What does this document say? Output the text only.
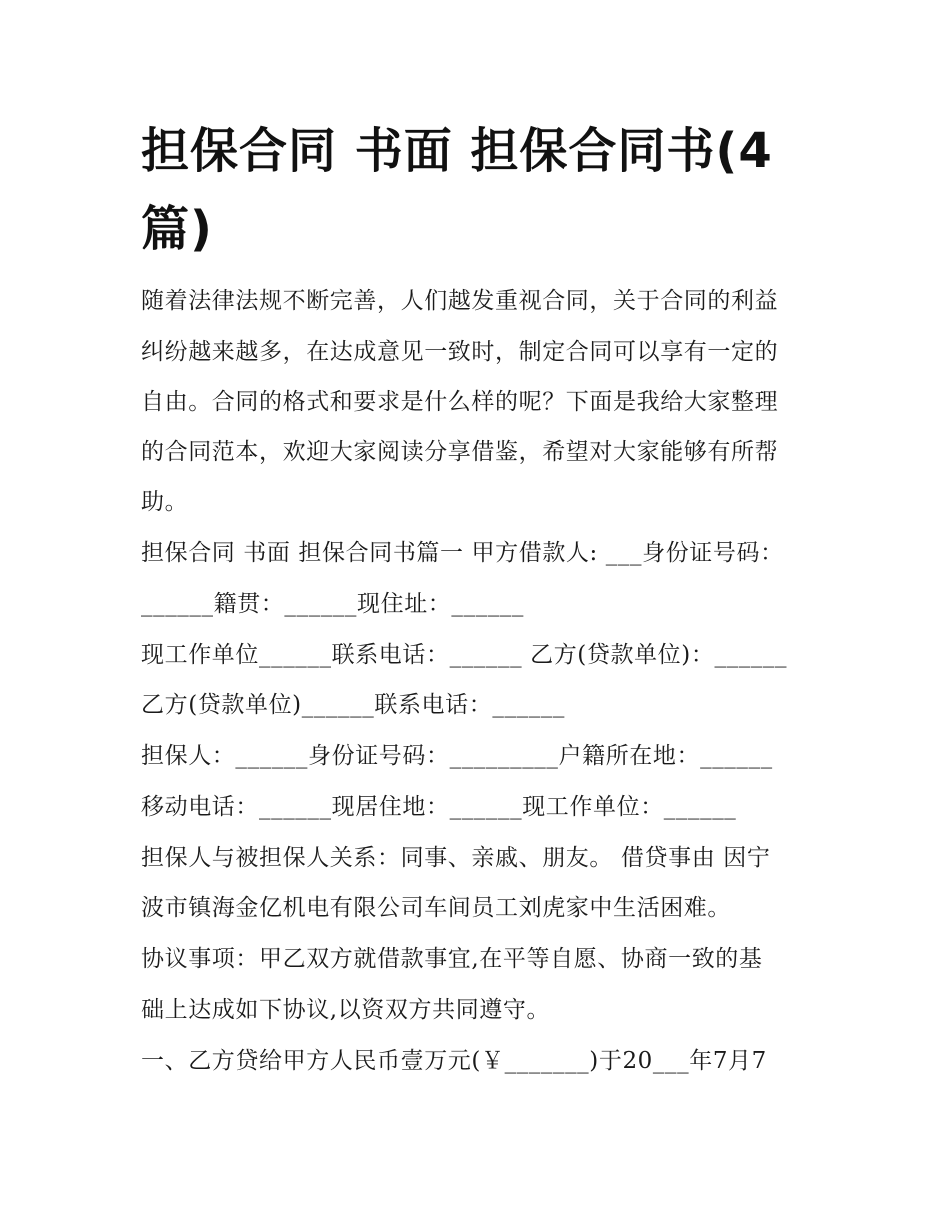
担保合同 书面 担保合同书(4篇)

随着法律法规不断完善，人们越发重视合同，关于合同的利益

纠纷越来越多，在达成意见一致时，制定合同可以享有一定的

自由。合同的格式和要求是什么样的呢？下面是我给大家整理

的合同范本，欢迎大家阅读分享借鉴，希望对大家能够有所帮

助。

担保合同 书面 担保合同书篇一 甲方借款人: ___身份证号码：

______籍贯：______现住址：______

现工作单位______联系电话：______ 乙方(贷款单位)：______

乙方(贷款单位)______联系电话：______

担保人：______身份证号码：_________户籍所在地：______

移动电话：______现居住地：______现工作单位：______

担保人与被担保人关系：同事、亲戚、朋友。 借贷事由 因宁

波市镇海金亿机电有限公司车间员工刘虎家中生活困难。

协议事项：甲乙双方就借款事宜,在平等自愿、协商一致的基

础上达成如下协议,以资双方共同遵守。

一、乙方贷给甲方人民币壹万元(￥_______)于20___年7月7
